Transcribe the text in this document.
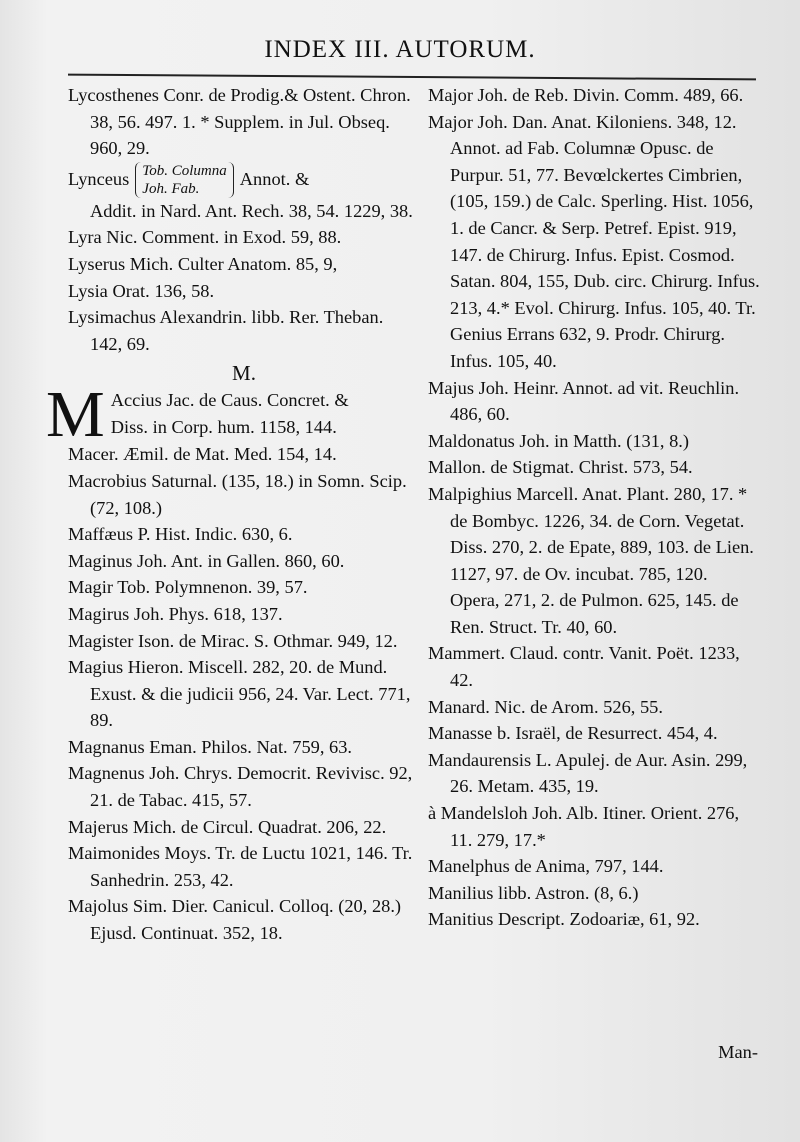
INDEX III. AUTORUM.

Lycosthenes Conr. de Prodig.& Ostent. Chron. 38, 56. 497. 1. * Supplem. in Jul. Obseq. 960, 29.

Lynceus Tob. Columna
Joh. Fab.	Annot. &

Addit. in Nard. Ant. Rech. 38, 54. 1229, 38.

Lyra Nic. Comment. in Exod. 59, 88.

Lyserus Mich. Culter Anatom. 85, 9,

Lysia Orat. 136, 58.

Lysimachus Alexandrin. libb. Rer. Theban. 142, 69.

M.
M Accius Jac. de Caus. Concret. &
Diss. in Corp. hum. 1158, 144.

Macer. Æmil. de Mat. Med. 154, 14.

Macrobius Saturnal. (135, 18.) in Somn. Scip. (72, 108.)

Maffæus P. Hist. Indic. 630, 6.

Maginus Joh. Ant. in Gallen. 860, 60.

Magir Tob. Polymnenon. 39, 57.

Magirus Joh. Phys. 618, 137.

Magister Ison. de Mirac. S. Othmar. 949, 12.

Magius Hieron. Miscell. 282, 20. de Mund. Exust. & die judicii 956, 24. Var. Lect. 771, 89.

Magnanus Eman. Philos. Nat. 759, 63.

Magnenus Joh. Chrys. Democrit. Revivisc. 92, 21. de Tabac. 415, 57.

Majerus Mich. de Circul. Quadrat. 206, 22.

Maimonides Moys. Tr. de Luctu 1021, 146. Tr. Sanhedrin. 253, 42.

Majolus Sim. Dier. Canicul. Colloq. (20, 28.) Ejusd. Continuat. 352, 18.

Major Joh. de Reb. Divin. Comm. 489, 66.

Major Joh. Dan. Anat. Kiloniens. 348, 12. Annot. ad Fab. Columnæ Opusc. de Purpur. 51, 77. Bevœlckertes Cimbrien, (105, 159.) de Calc. Sperling. Hist. 1056, 1. de Cancr. & Serp. Petref. Epist. 919, 147. de Chirurg. Infus. Epist. Cosmod. Satan. 804, 155, Dub. circ. Chirurg. Infus. 213, 4.* Evol. Chirurg. Infus. 105, 40. Tr. Genius Errans 632, 9. Prodr. Chirurg. Infus. 105, 40.

Majus Joh. Heinr. Annot. ad vit. Reuchlin. 486, 60.

Maldonatus Joh. in Matth. (131, 8.)

Mallon. de Stigmat. Christ. 573, 54.

Malpighius Marcell. Anat. Plant. 280, 17. * de Bombyc. 1226, 34. de Corn. Vegetat. Diss. 270, 2. de Epate, 889, 103. de Lien. 1127, 97. de Ov. incubat. 785, 120. Opera, 271, 2. de Pulmon. 625, 145. de Ren. Struct. Tr. 40, 60.

Mammert. Claud. contr. Vanit. Poët. 1233, 42.

Manard. Nic. de Arom. 526, 55.

Manasse b. Israël, de Resurrect. 454, 4.

Mandaurensis L. Apulej. de Aur. Asin. 299, 26. Metam. 435, 19.

à Mandelsloh Joh. Alb. Itiner. Orient. 276, 11. 279, 17.*

Manelphus de Anima, 797, 144.

Manilius libb. Astron. (8, 6.)

Manitius Descript. Zodoariæ, 61, 92.

Man-
